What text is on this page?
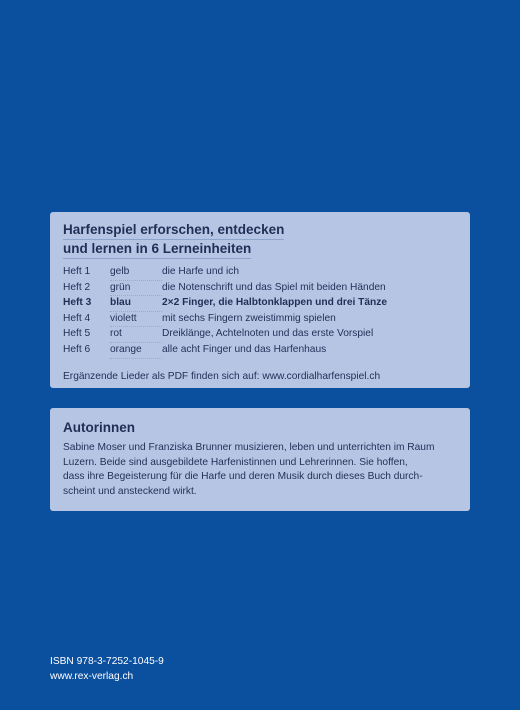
Harfenspiel erforschen, entdecken
und lernen in 6 Lerneinheiten
Heft 1	gelb	die Harfe und ich
Heft 2	grün	die Notenschrift und das Spiel mit beiden Händen
Heft 3	blau	2×2 Finger, die Halbtonklappen und drei Tänze
Heft 4	violett	mit sechs Fingern zweistimmig spielen
Heft 5	rot	Dreiklänge, Achtelnoten und das erste Vorspiel
Heft 6	orange	alle acht Finger und das Harfenhaus
Ergänzende Lieder als PDF finden sich auf: www.cordialharfenspiel.ch
Autorinnen

Sabine Moser und Franziska Brunner musizieren, leben und unterrichten im Raum
Luzern. Beide sind ausgebildete Harfenistinnen und Lehrerinnen. Sie hoffen,
dass ihre Begeisterung für die Harfe und deren Musik durch dieses Buch durch-
scheint und ansteckend wirkt.

ISBN 978-3-7252-1045-9
www.rex-verlag.ch
